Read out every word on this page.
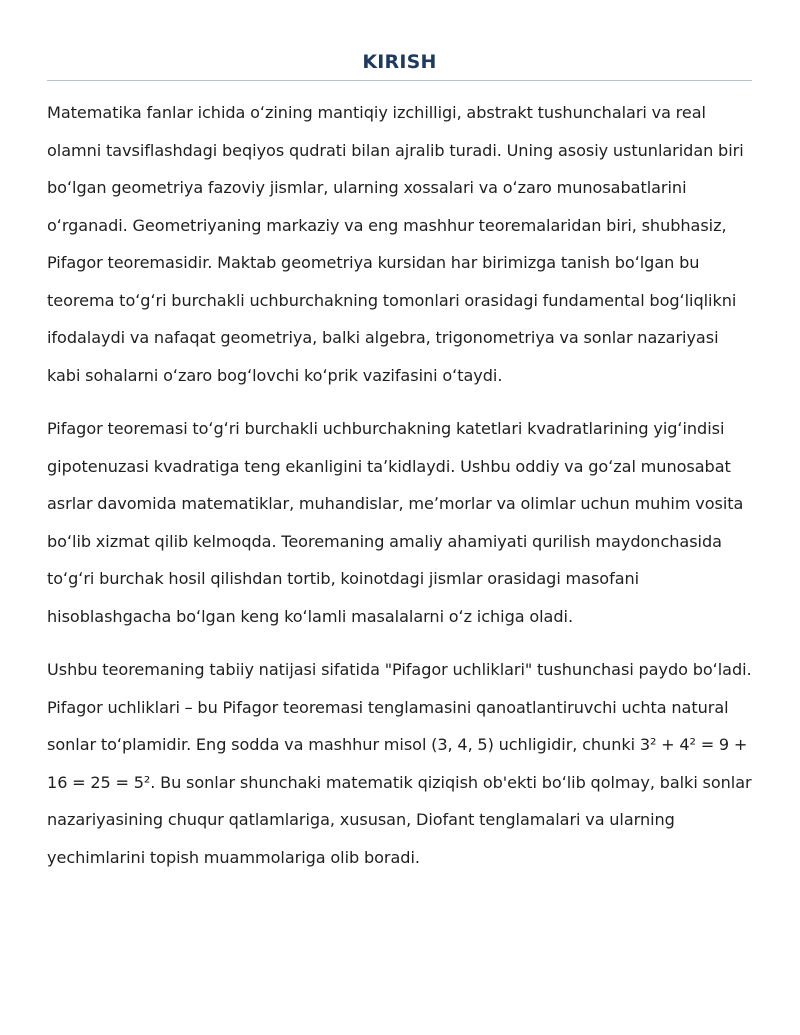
KIRISH

Matematika fanlar ichida oʻzining mantiqiy izchilligi, abstrakt tushunchalari va real olamni tavsiflashdagi beqiyos qudrati bilan ajralib turadi. Uning asosiy ustunlaridan biri boʻlgan geometriya fazoviy jismlar, ularning xossalari va oʻzaro munosabatlarini oʻrganadi. Geometriyaning markaziy va eng mashhur teoremalaridan biri, shubhasiz, Pifagor teoremasidir. Maktab geometriya kursidan har birimizga tanish boʻlgan bu teorema toʻgʻri burchakli uchburchakning tomonlari orasidagi fundamental bogʻliqlikni ifodalaydi va nafaqat geometriya, balki algebra, trigonometriya va sonlar nazariyasi kabi sohalarni oʻzaro bogʻlovchi koʻprik vazifasini oʻtaydi.

Pifagor teoremasi toʻgʻri burchakli uchburchakning katetlari kvadratlarining yigʻindisi gipotenuzasi kvadratiga teng ekanligini taʼkidlaydi. Ushbu oddiy va goʻzal munosabat asrlar davomida matematiklar, muhandislar, meʼmorlar va olimlar uchun muhim vosita boʻlib xizmat qilib kelmoqda. Teoremaning amaliy ahamiyati qurilish maydonchasida toʻgʻri burchak hosil qilishdan tortib, koinotdagi jismlar orasidagi masofani hisoblashgacha boʻlgan keng koʻlamli masalalarni oʻz ichiga oladi.

Ushbu teoremaning tabiiy natijasi sifatida "Pifagor uchliklari" tushunchasi paydo boʻladi. Pifagor uchliklari – bu Pifagor teoremasi tenglamasini qanoatlantiruvchi uchta natural sonlar toʻplamidir. Eng sodda va mashhur misol (3, 4, 5) uchligidir, chunki 3² + 4² = 9 + 16 = 25 = 5². Bu sonlar shunchaki matematik qiziqish ob'ekti boʻlib qolmay, balki sonlar nazariyasining chuqur qatlamlariga, xususan, Diofant tenglamalari va ularning yechimlarini topish muammolariga olib boradi.
